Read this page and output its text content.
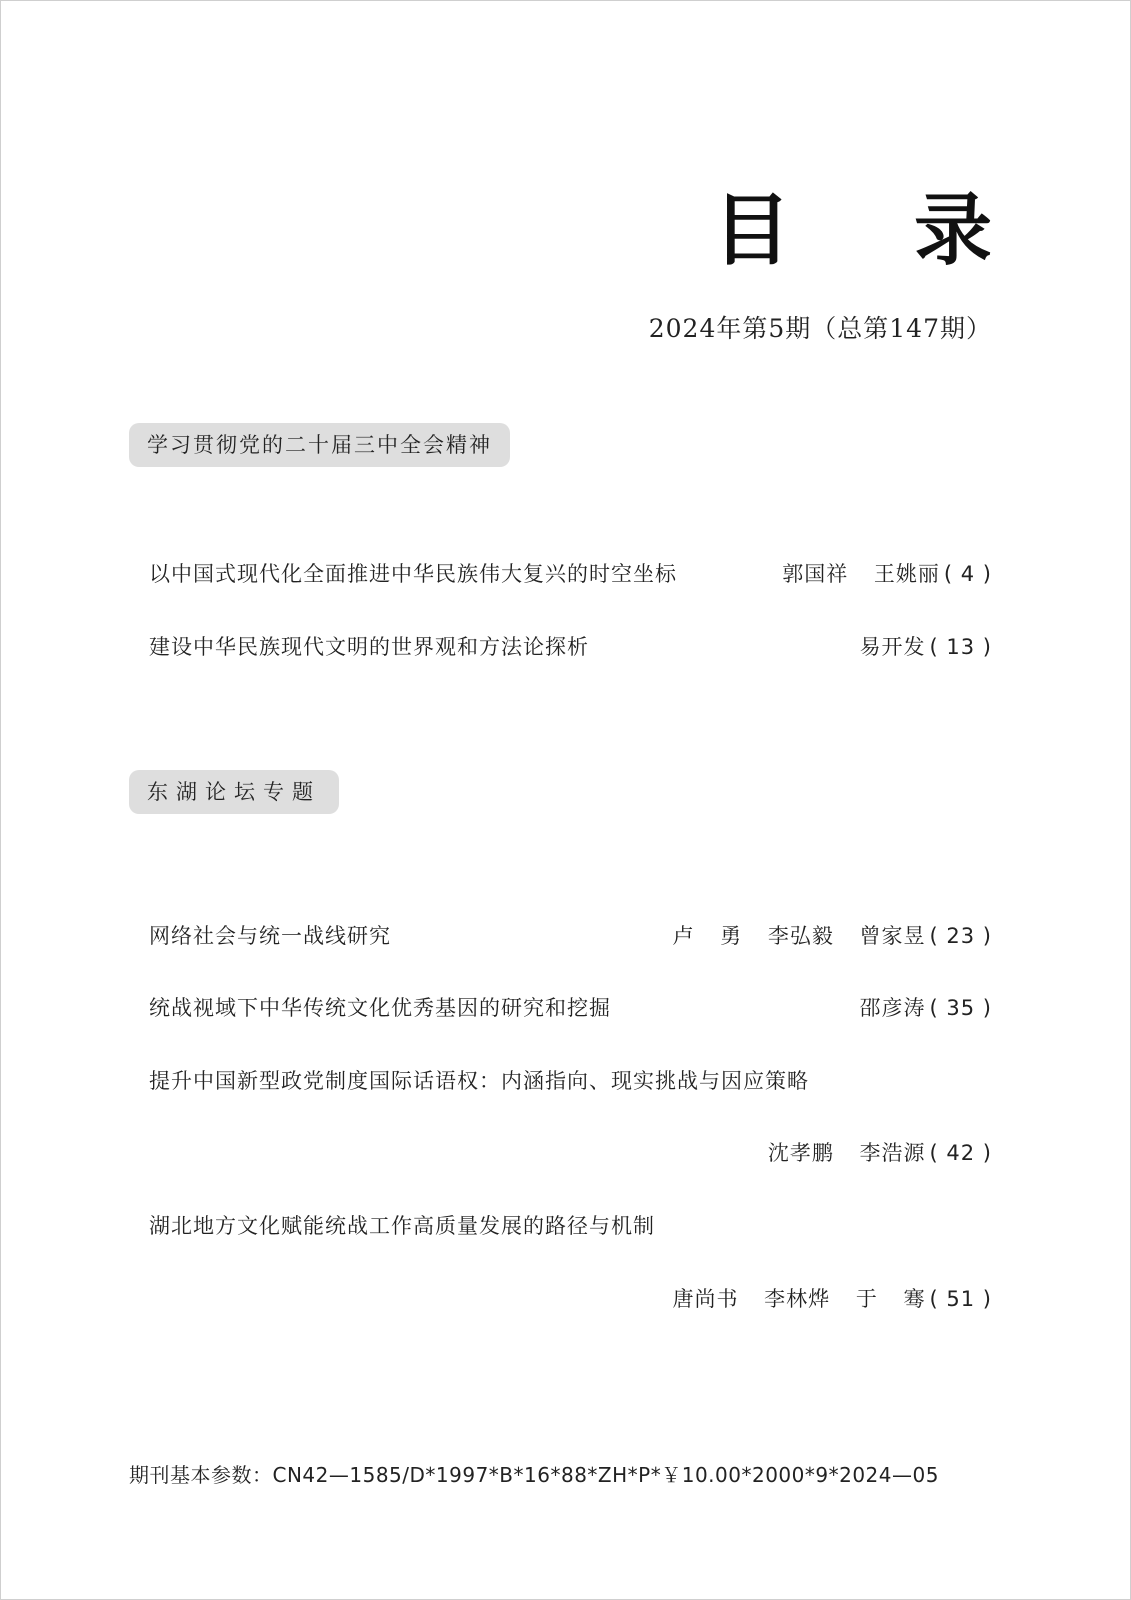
目 录
2024年第5期（总第147期）
学习贯彻党的二十届三中全会精神
以中国式现代化全面推进中华民族伟大复兴的时空坐标	郭国祥 王姚丽 ( 4 )
建设中华民族现代文明的世界观和方法论探析	易开发 ( 13 )
东湖论坛专题
网络社会与统一战线研究	卢 勇 李弘毅 曾家昱 ( 23 )
统战视域下中华传统文化优秀基因的研究和挖掘	邵彦涛 ( 35 )
提升中国新型政党制度国际话语权：内涵指向、现实挑战与因应策略
沈孝鹏 李浩源 ( 42 )
湖北地方文化赋能统战工作高质量发展的路径与机制
唐尚书 李林烨 于 骞 ( 51 )
期刊基本参数：CN42—1585/D*1997*B*16*88*ZH*P*￥10.00*2000*9*2024—05
